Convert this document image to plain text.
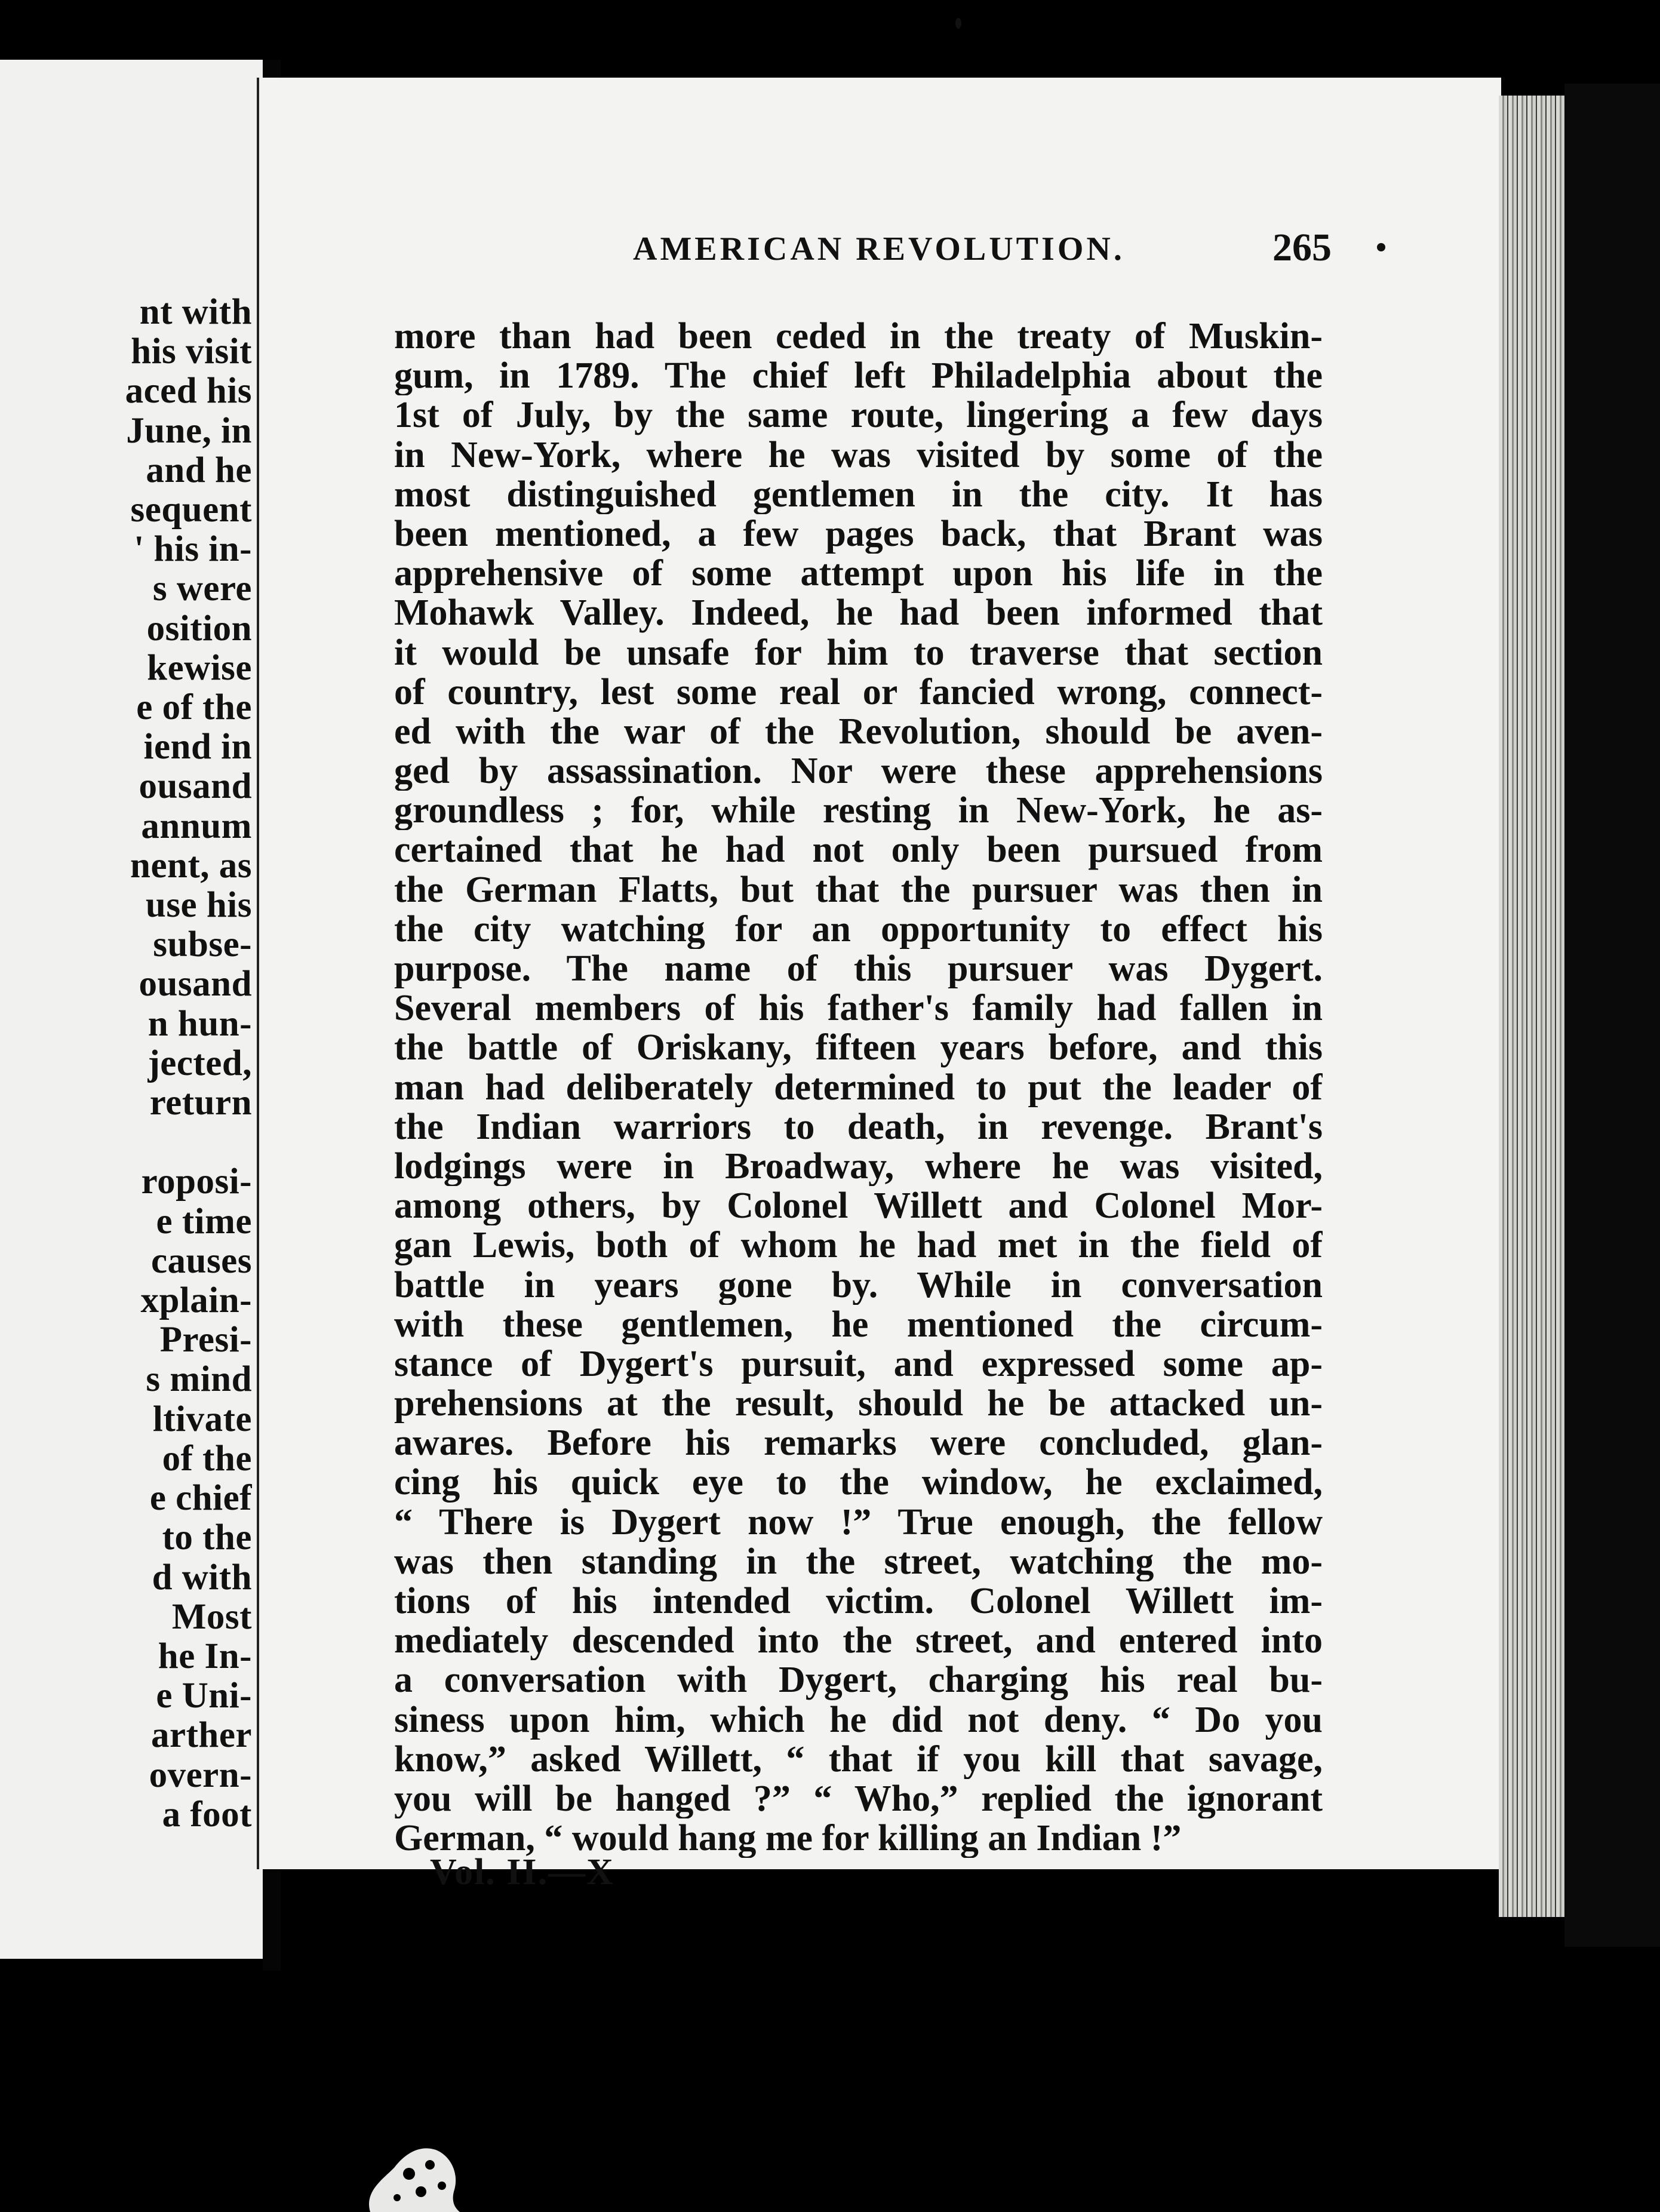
nt with
his visit
aced his
June, in
and he
sequent
' his in-
s were
osition
kewise
e of the
iend in
ousand
annum
nent, as
use his
subse-
ousand
n hun-
jected,
return

roposi-
e time
causes
xplain-
Presi-
s mind
ltivate
of the
e chief
to the
d with
Most
he In-
e Uni-
arther
overn-
a foot
AMERICAN REVOLUTION.	265
more than had been ceded in the treaty of Muskin-
gum, in 1789. The chief left Philadelphia about the
1st of July, by the same route, lingering a few days
in New-York, where he was visited by some of the
most distinguished gentlemen in the city. It has
been mentioned, a few pages back, that Brant was
apprehensive of some attempt upon his life in the
Mohawk Valley. Indeed, he had been informed that
it would be unsafe for him to traverse that section
of country, lest some real or fancied wrong, connect-
ed with the war of the Revolution, should be aven-
ged by assassination. Nor were these apprehensions
groundless ; for, while resting in New-York, he as-
certained that he had not only been pursued from
the German Flatts, but that the pursuer was then in
the city watching for an opportunity to effect his
purpose. The name of this pursuer was Dygert.
Several members of his father's family had fallen in
the battle of Oriskany, fifteen years before, and this
man had deliberately determined to put the leader of
the Indian warriors to death, in revenge. Brant's
lodgings were in Broadway, where he was visited,
among others, by Colonel Willett and Colonel Mor-
gan Lewis, both of whom he had met in the field of
battle in years gone by. While in conversation
with these gentlemen, he mentioned the circum-
stance of Dygert's pursuit, and expressed some ap-
prehensions at the result, should he be attacked un-
awares. Before his remarks were concluded, glan-
cing his quick eye to the window, he exclaimed,
“ There is Dygert now !” True enough, the fellow
was then standing in the street, watching the mo-
tions of his intended victim. Colonel Willett im-
mediately descended into the street, and entered into
a conversation with Dygert, charging his real bu-
siness upon him, which he did not deny. “ Do you
know,” asked Willett, “ that if you kill that savage,
you will be hanged ?” “ Who,” replied the ignorant
German, “ would hang me for killing an Indian !”
Vol. II.—X
